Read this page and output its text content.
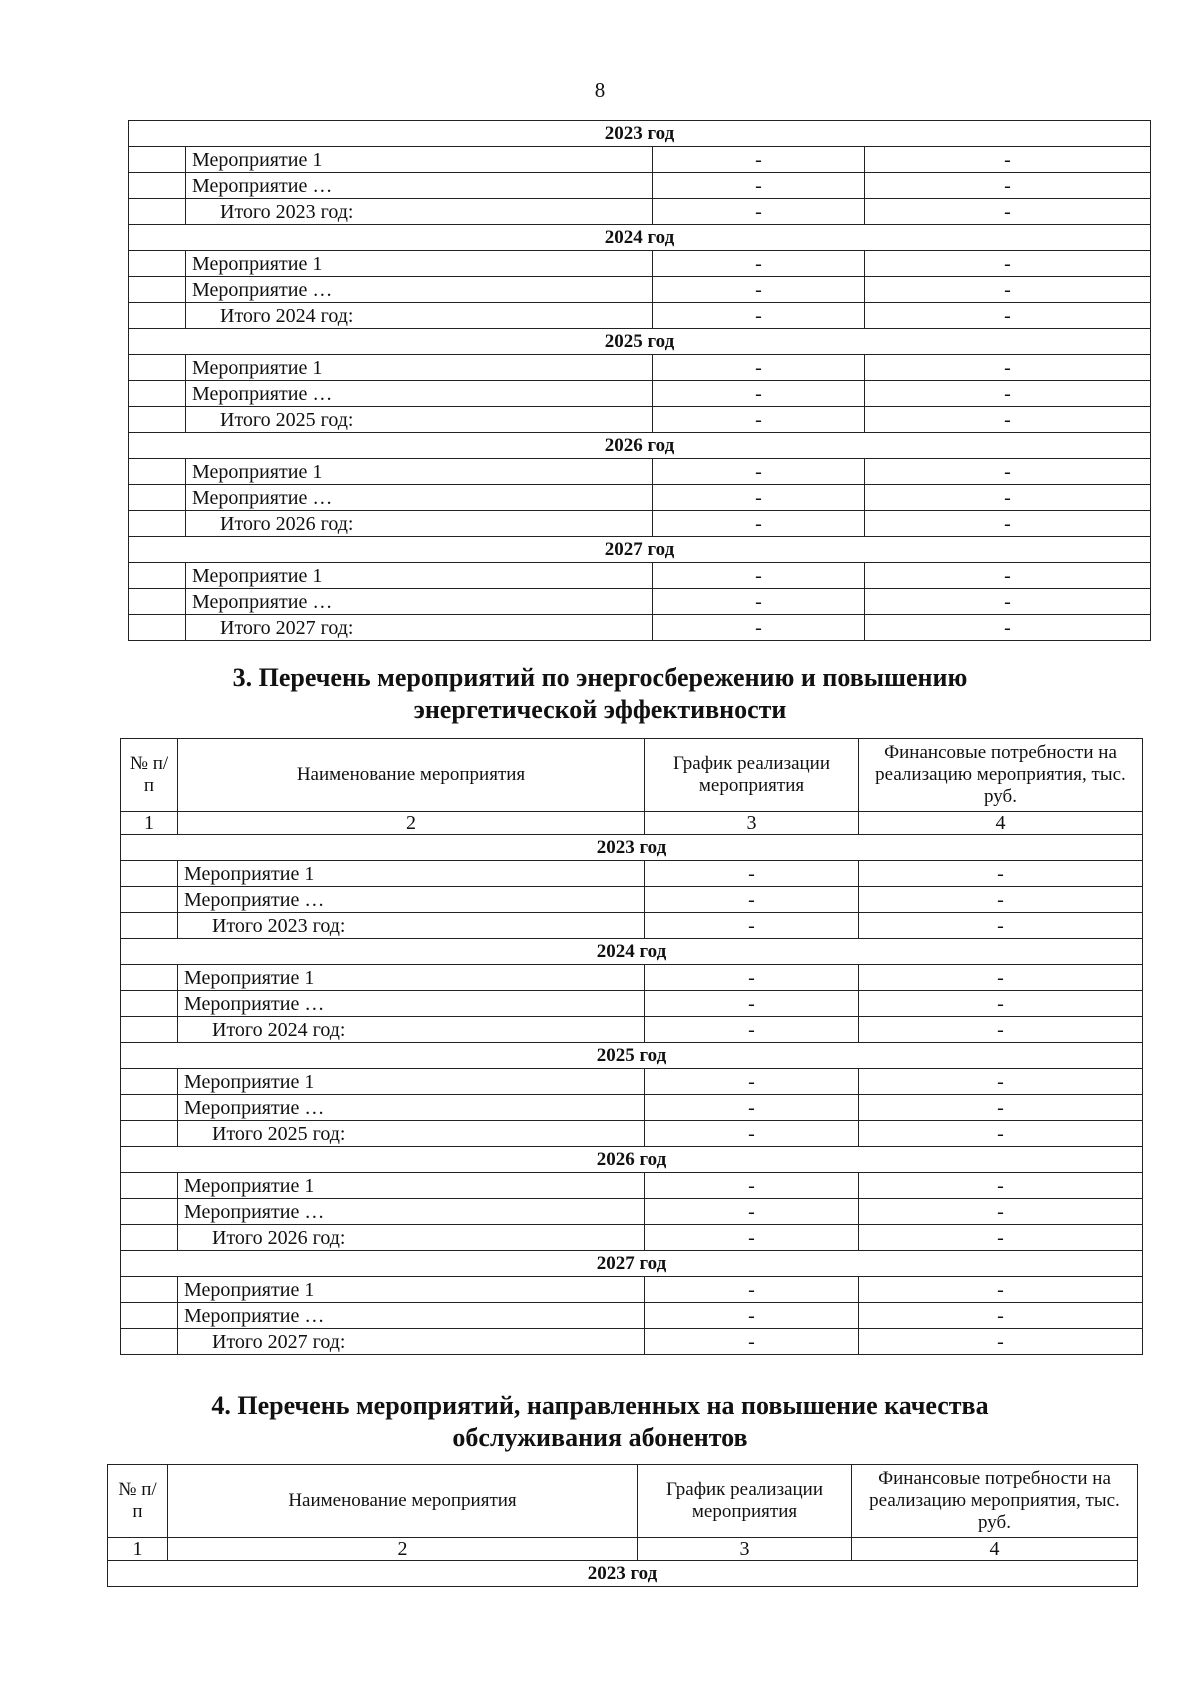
8
2023 год			
	Мероприятие 1	-	-
	Мероприятие …	-	-
	Итого 2023 год:	-	-
2024 год			
	Мероприятие 1	-	-
	Мероприятие …	-	-
	Итого 2024 год:	-	-
2025 год			
	Мероприятие 1	-	-
	Мероприятие …	-	-
	Итого 2025 год:	-	-
2026 год			
	Мероприятие 1	-	-
	Мероприятие …	-	-
	Итого 2026 год:	-	-
2027 год			
	Мероприятие 1	-	-
	Мероприятие …	-	-
	Итого 2027 год:	-	-
3. Перечень мероприятий по энергосбережению и повышению
энергетической эффективности
№ п/п	Наименование мероприятия	График реализации мероприятия	Финансовые потребности на реализацию мероприятия, тыс. руб.
1	2	3	4
2023 год			
	Мероприятие 1	-	-
	Мероприятие …	-	-
	Итого 2023 год:	-	-
2024 год			
	Мероприятие 1	-	-
	Мероприятие …	-	-
	Итого 2024 год:	-	-
2025 год			
	Мероприятие 1	-	-
	Мероприятие …	-	-
	Итого 2025 год:	-	-
2026 год			
	Мероприятие 1	-	-
	Мероприятие …	-	-
	Итого 2026 год:	-	-
2027 год			
	Мероприятие 1	-	-
	Мероприятие …	-	-
	Итого 2027 год:	-	-
4. Перечень мероприятий, направленных на повышение качества
обслуживания абонентов
№ п/п	Наименование мероприятия	График реализации мероприятия	Финансовые потребности на реализацию мероприятия, тыс. руб.
1	2	3	4
2023 год			
